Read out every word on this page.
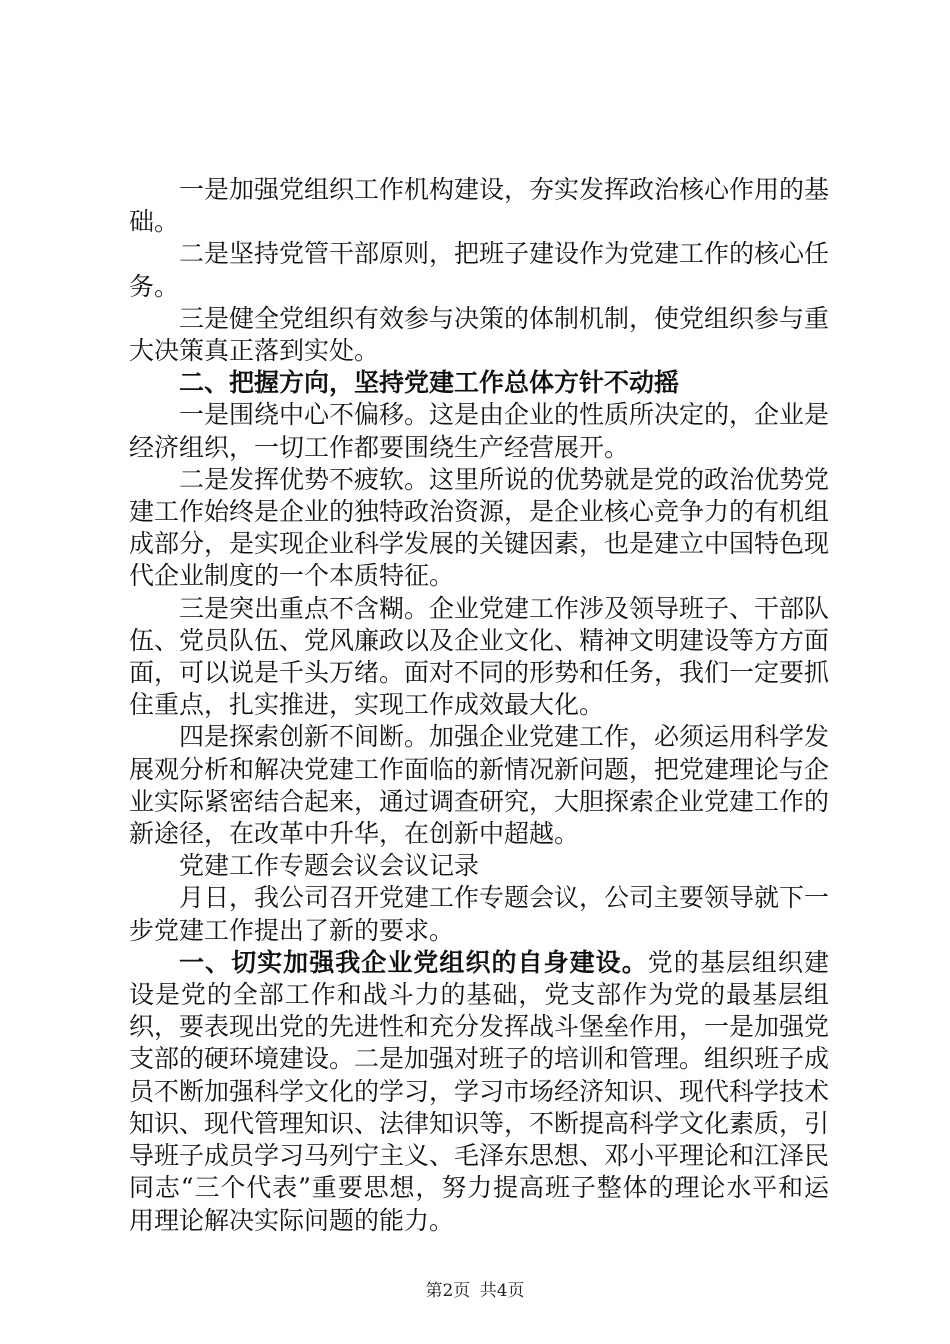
一是加强党组织工作机构建设，夯实发挥政治核心作用的基础。

二是坚持党管干部原则，把班子建设作为党建工作的核心任务。

三是健全党组织有效参与决策的体制机制，使党组织参与重大决策真正落到实处。

二、把握方向，坚持党建工作总体方针不动摇

一是围绕中心不偏移。这是由企业的性质所决定的，企业是经济组织，一切工作都要围绕生产经营展开。

二是发挥优势不疲软。这里所说的优势就是党的政治优势党建工作始终是企业的独特政治资源，是企业核心竞争力的有机组成部分，是实现企业科学发展的关键因素，也是建立中国特色现代企业制度的一个本质特征。

三是突出重点不含糊。企业党建工作涉及领导班子、干部队伍、党员队伍、党风廉政以及企业文化、精神文明建设等方方面面，可以说是千头万绪。面对不同的形势和任务，我们一定要抓住重点，扎实推进，实现工作成效最大化。

四是探索创新不间断。加强企业党建工作，必须运用科学发展观分析和解决党建工作面临的新情况新问题，把党建理论与企业实际紧密结合起来，通过调查研究，大胆探索企业党建工作的新途径，在改革中升华，在创新中超越。

党建工作专题会议会议记录

月日，我公司召开党建工作专题会议，公司主要领导就下一步党建工作提出了新的要求。

一、切实加强我企业党组织的自身建设。党的基层组织建设是党的全部工作和战斗力的基础，党支部作为党的最基层组织，要表现出党的先进性和充分发挥战斗堡垒作用，一是加强党支部的硬环境建设。二是加强对班子的培训和管理。组织班子成员不断加强科学文化的学习，学习市场经济知识、现代科学技术知识、现代管理知识、法律知识等，不断提高科学文化素质，引导班子成员学习马列宁主义、毛泽东思想、邓小平理论和江泽民同志“三个代表”重要思想，努力提高班子整体的理论水平和运用理论解决实际问题的能力。

第2页 共4页
